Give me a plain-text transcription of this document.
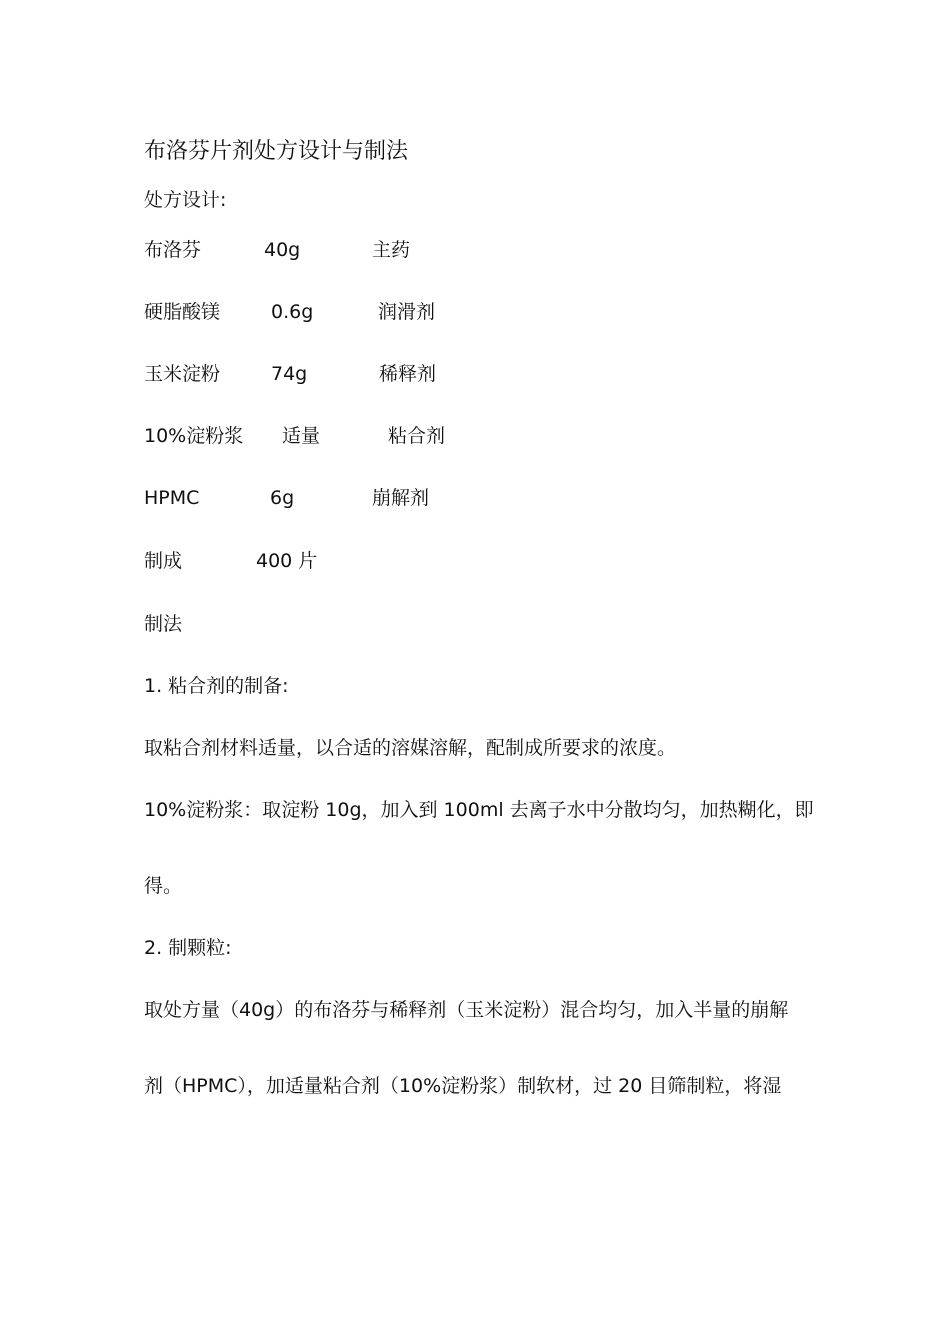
布洛芬片剂处方设计与制法
处方设计:
布洛芬	40g	主药
硬脂酸镁	0.6g	润滑剂
玉米淀粉	74g	稀释剂
10%淀粉浆 适量	粘合剂
HPMC	6g	崩解剂
制成	400 片
制法
1. 粘合剂的制备:
取粘合剂材料适量，以合适的溶媒溶解，配制成所要求的浓度。
10%淀粉浆：取淀粉 10g，加入到 100ml 去离子水中分散均匀，加热糊化，即
得。
2. 制颗粒:
取处方量（40g）的布洛芬与稀释剂（玉米淀粉）混合均匀，加入半量的崩解
剂（HPMC），加适量粘合剂（10%淀粉浆）制软材，过 20 目筛制粒，将湿
